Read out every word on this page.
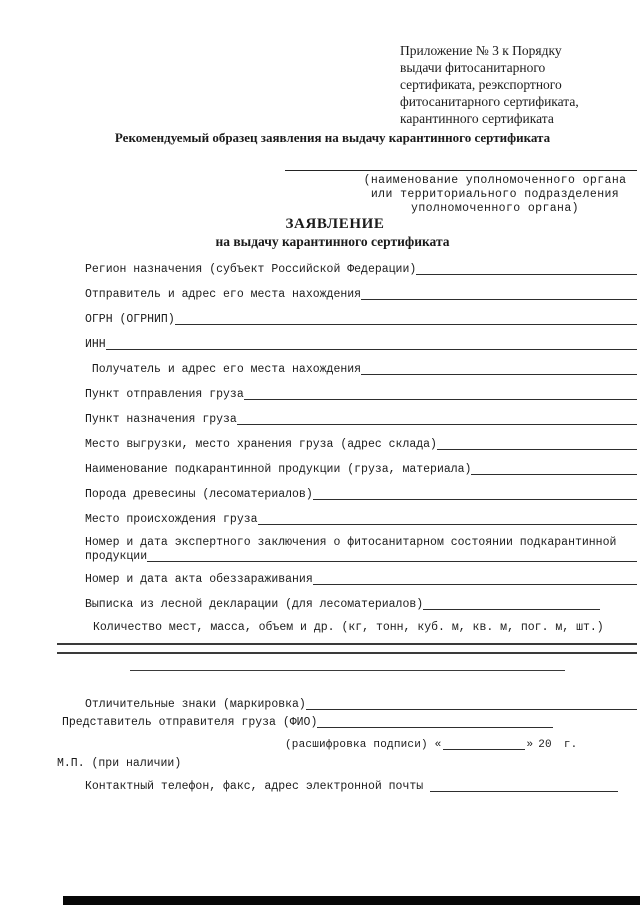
Приложение № 3 к Порядку
выдачи фитосанитарного
сертификата, реэкспортного
фитосанитарного сертификата,
карантинного сертификата
Рекомендуемый образец заявления на выдачу карантинного сертификата
(наименование уполномоченного органа
или территориального подразделения
уполномоченного органа)
ЗАЯВЛЕНИЕ
на выдачу карантинного сертификата
Регион назначения (субъект Российской Федерации)
Отправитель и адрес его места нахождения
ОГРН (ОГРНИП)
ИНН
Получатель и адрес его места нахождения
Пункт отправления груза
Пункт назначения груза
Место выгрузки, место хранения груза (адрес склада)
Наименование подкарантинной продукции (груза, материала)
Порода древесины (лесоматериалов)
Место происхождения груза
Номер и дата экспертного заключения о фитосанитарном состоянии подкарантинной
продукции
Номер и дата акта обеззараживания
Выписка из лесной декларации (для лесоматериалов)
Количество мест, масса, объем и др. (кг, тонн, куб. м, кв. м, пог. м, шт.)
Отличительные знаки (маркировка)
Представитель отправителя груза (ФИО)
(расшифровка подписи) «	» 20 г.
М.П. (при наличии)
Контактный телефон, факс, адрес электронной почты
